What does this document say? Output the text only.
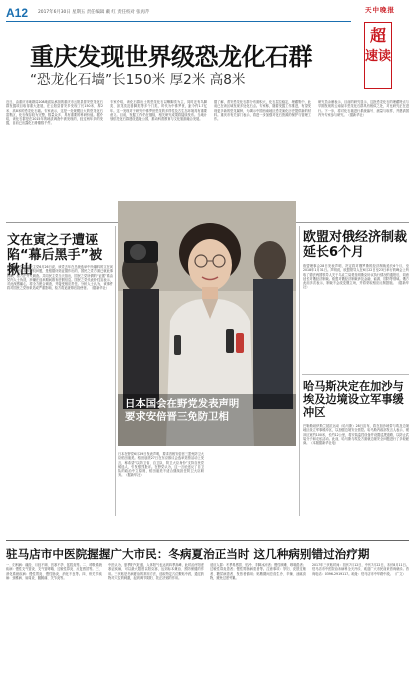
A12 2017年6月30日 星期五 责任编辑 戴 红 责任校对 张再芹	天中晚报
超
速读
重庆发现世界级恐龙化石群
“恐龙化石墙”长150米 厚2米 高8米
近日，由重庆市地勘局208地质队承担的重庆市云阳县普安恐龙化石群发掘项目取得重大进展，在云阳县普安乡发现了长150米、厚2米、高8米的恐龙化石墙。专家表示，这是一处规模巨大的恐龙化石富集区，化石保存较为完整，数量众多，具有重要的科研价值。据介绍，该化石群是在2015年的地质调查中被发现的，经过两年多的发掘，目前已出露化石骨骼数千件。
专家介绍，该化石群出土的恐龙化石以蜥脚类为主，同时还有鸟脚类、剑龙类及兽脚类等多个门类，时代为中侏罗世，距今约1.7亿年。这一发现对于研究中侏罗世恐龙的多样性及古生态环境具有重要意义。目前，发掘工作仍在继续，相关研究成果将陆续发布。当地计划依托化石群建设遗址公园，推动科普教育与文化旅游融合发展。
据了解，普安恐龙化石群分布面积大，化石层位稳定，埋藏集中，此前已在该区域发现多处化石点。专家称，随着发掘工作推进，有望发现更多新的恐龙属种，为揭示中国西南地区恐龙演化历史提供新的材料。重庆市有关部门表示，将进一步加强对化石资源的保护与管理工作。
研究员余雁表示，目前的研究显示，这批恐龙化石的埋藏特点与早期发现的云南禄丰恐龙化石群具有相似之处，对比研究正在进行。下一步，将对化石墙进行系统编号、测量与取样，并邀请国内外专家参与研究。（据新华社）
文在寅之子遭诬陷“幕后黑手”被揪出
韩国执政党共同民主党6月26日说，该党去年在总统选举中所爆料的文在寅之子文俊溶求职特权问题，是根据伪造证据作出的，国民之党方面已就此事致歉，检方正介入调查。共同民主党当天指出，国民之党所谓的“证据”系由党内人士伪造，涉嫌在选举期间散布虚假信息。国民之党代表朴柱宣表示，对此深感痛心，将全力配合调查，并接受相应责任。分析人士认为，该事件将对国民之党形象造成严重影响，检方将追查幕后指使者。（据新华社）
日本国会在野党发表声明
要求安倍晋三免防卫相
日本在野党6月29日发表声明，要求首相安倍晋三罢免防卫大臣稻田朋美。稻田朋美27日在东京都议会选举造势活动上发言，称希望“以防卫省、自卫队、防卫大臣身份”支持自民党候选人，引发强烈批评。在野党认为，这一言论违反了自卫队的政治中立原则，稻田朋美不适合继续担任防卫大臣职务。（据新华社）
欧盟对俄经济制裁延长6个月
欧盟理事会28日发表声明，决定将对俄罗斯的经济制裁延长6个月，至2018年1月31日。声明说，欧盟领导人在6月22日至23日举行的峰会上听取了德法两国领导人关于乌克兰局势及明斯克协议执行情况的通报后，同意延长对俄经济制裁。欧盟对俄经济制裁涉及金融、能源、国防等领域。俄方此前多次表示，制裁不会改变俄立场，并将采取相应反制措施。（据新华社）
哈马斯决定在加沙与埃及边境设立军事缓冲区
巴勒斯坦伊斯兰抵抗运动（哈马斯）28日宣布，将在加沙地带与埃及边境地区设立军事缓冲区，以加强边境安全管控。哈马斯内政部发言人表示，缓冲区宽约100米，长约12公里，将安装监控设备并设置巡逻道路，以防止武装分子和走私活动。此前，哈马斯与埃及方面就边境安全问题进行了多轮磋商。（本版据新华社电）
驻马店市中医院握握广大市民：冬病夏治正当时 这几种病别错过治疗期
一、妇科病：痛经、月经不调、宫寒不孕、盆腔炎等。二、呼吸系统疾病：慢性支气管炎、支气管哮喘、过敏性鼻炎、反复感冒等。三、消化系统疾病：慢性胃炎、慢性肠炎、消化不良等。四、骨关节疾病：颈椎病、肩周炎、腰腿痛、关节炎等。
中医认为，夏季阳气旺盛，人体阳气也达到四季高峰，此时治疗阳虚寒证疾病，可以最大限度以阳克寒，达到标本兼治、预防保健的作用。三伏贴是冬病夏治的常用方法，选取特定穴位敷贴中药，通过药物对穴位的刺激，起到调节阴阳、扶正祛邪的作用。
适应人群：冬季易感冒、怕冷、手脚冰凉者；慢性咳嗽、哮喘患者；过敏性鼻炎患者；慢性胃肠病患者等。注意事项：孕妇、皮肤过敏者、糖尿病患者、发热者慎用；贴敷期间忌食生冷、辛辣、油腻食物，避免过度劳累。
2017年三伏贴时间：初伏7月12日，中伏7月22日，末伏8月11日。驻马店市中医院治未病科全天开诊，欢迎广大市民前来咨询就诊。咨询电话：0396-2919117。地址：驻马店市中华路中段。（广文）
